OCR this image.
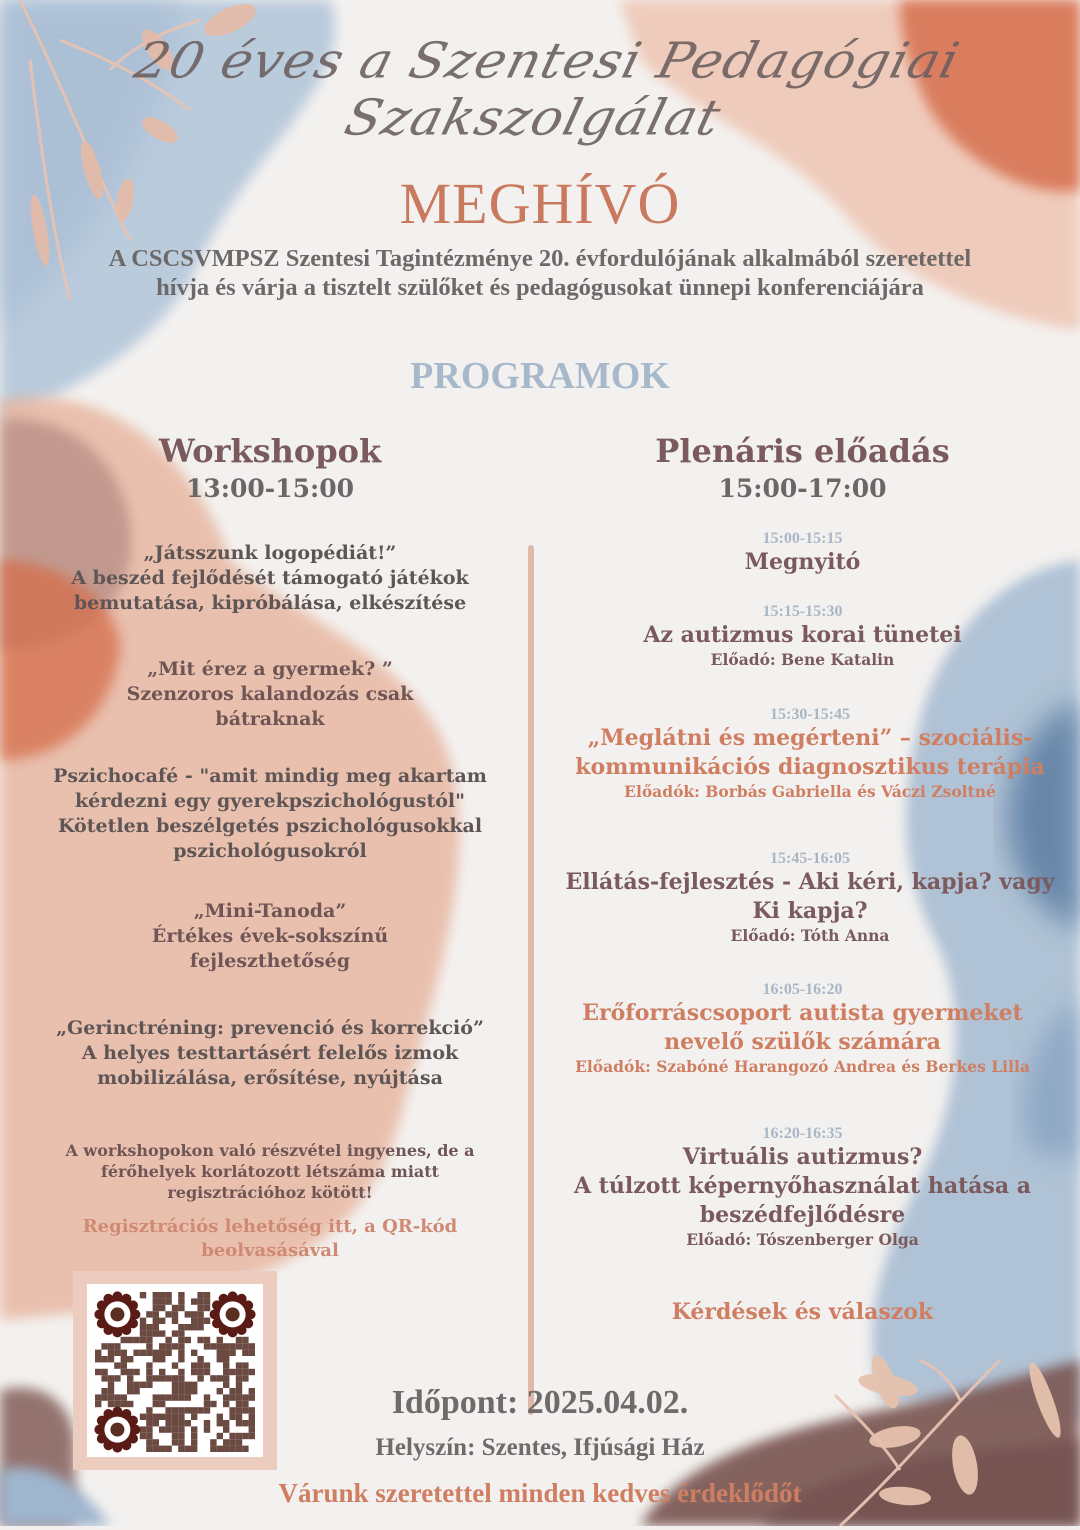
20 éves a Szentesi Pedagógiai Szakszolgálat
MEGHÍVÓ
A CSCSVMPSZ Szentesi Tagintézménye 20. évfordulójának alkalmából szeretettel
hívja és várja a tisztelt szülőket és pedagógusokat ünnepi konferenciájára
PROGRAMOK
Workshopok
13:00-15:00
„Játsszunk logopédiát!”
A beszéd fejlődését támogató játékok
bemutatása, kipróbálása, elkészítése
„Mit érez a gyermek? ”
Szenzoros kalandozás csak
bátraknak
Pszichocafé - "amit mindig meg akartam
kérdezni egy gyerekpszichológustól"
Kötetlen beszélgetés pszichológusokkal
pszichológusokról
„Mini-Tanoda”
Értékes évek-sokszínű
fejleszthetőség
„Gerinctréning: prevenció és korrekció”
A helyes testtartásért felelős izmok
mobilizálása, erősítése, nyújtása
A workshopokon való részvétel ingyenes, de a
férőhelyek korlátozott létszáma miatt
regisztrációhoz kötött!
Regisztrációs lehetőség itt, a QR-kód
beolvasásával
Plenáris előadás
15:00-17:00
15:00-15:15
Megnyitó
15:15-15:30
Az autizmus korai tünetei
Előadó: Bene Katalin
15:30-15:45
„Meglátni és megérteni” – szociális-
kommunikációs diagnosztikus terápia
Előadók: Borbás Gabriella és Váczi Zsoltné
15:45-16:05
Ellátás-fejlesztés - Aki kéri, kapja? vagy
Ki kapja?
Előadó: Tóth Anna
16:05-16:20
Erőforráscsoport autista gyermeket
nevelő szülők számára
Előadók: Szabóné Harangozó Andrea és Berkes Lilla
16:20-16:35
Virtuális autizmus?
A túlzott képernyőhasználat hatása a
beszédfejlődésre
Előadó: Tószenberger Olga
Kérdések és válaszok
Időpont: 2025.04.02.
Helyszín: Szentes, Ifjúsági Ház
Várunk szeretettel minden kedves érdeklődőt
